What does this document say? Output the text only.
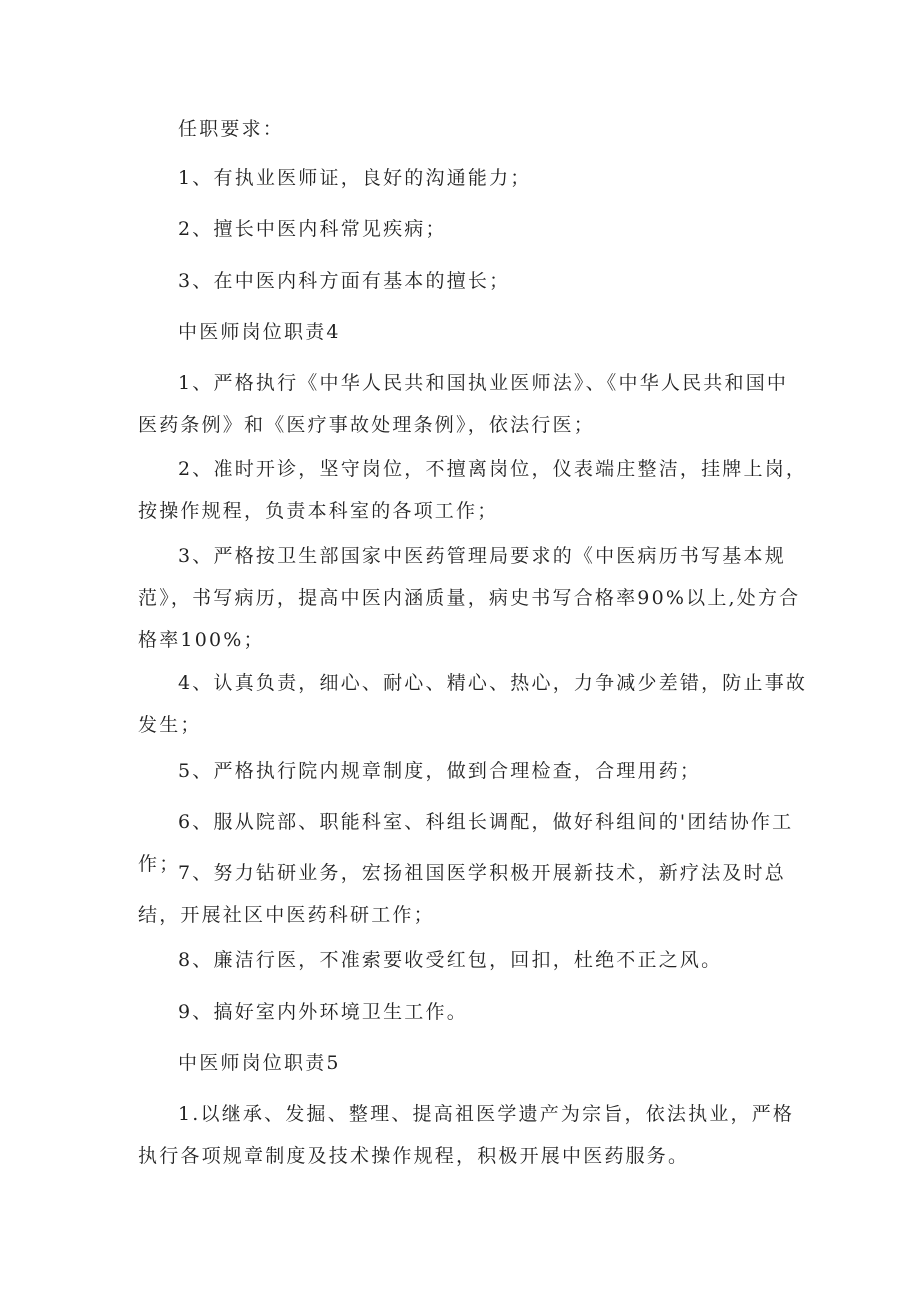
任职要求：
1、有执业医师证，良好的沟通能力；
2、擅长中医内科常见疾病；
3、在中医内科方面有基本的擅长；
中医师岗位职责4
1、严格执行《中华人民共和国执业医师法》、《中华人民共和国中医药条例》和《医疗事故处理条例》，依法行医；
2、准时开诊，坚守岗位，不擅离岗位，仪表端庄整洁，挂牌上岗，按操作规程，负责本科室的各项工作；
3、严格按卫生部国家中医药管理局要求的《中医病历书写基本规范》，书写病历，提高中医内涵质量，病史书写合格率90%以上,处方合格率100%；
4、认真负责，细心、耐心、精心、热心，力争减少差错，防止事故发生；
5、严格执行院内规章制度，做到合理检查，合理用药；
6、服从院部、职能科室、科组长调配，做好科组间的'团结协作工作；
7、努力钻研业务，宏扬祖国医学积极开展新技术，新疗法及时总结，开展社区中医药科研工作；
8、廉洁行医，不准索要收受红包，回扣，杜绝不正之风。
9、搞好室内外环境卫生工作。
中医师岗位职责5
1.以继承、发掘、整理、提高祖医学遗产为宗旨，依法执业，严格执行各项规章制度及技术操作规程，积极开展中医药服务。
